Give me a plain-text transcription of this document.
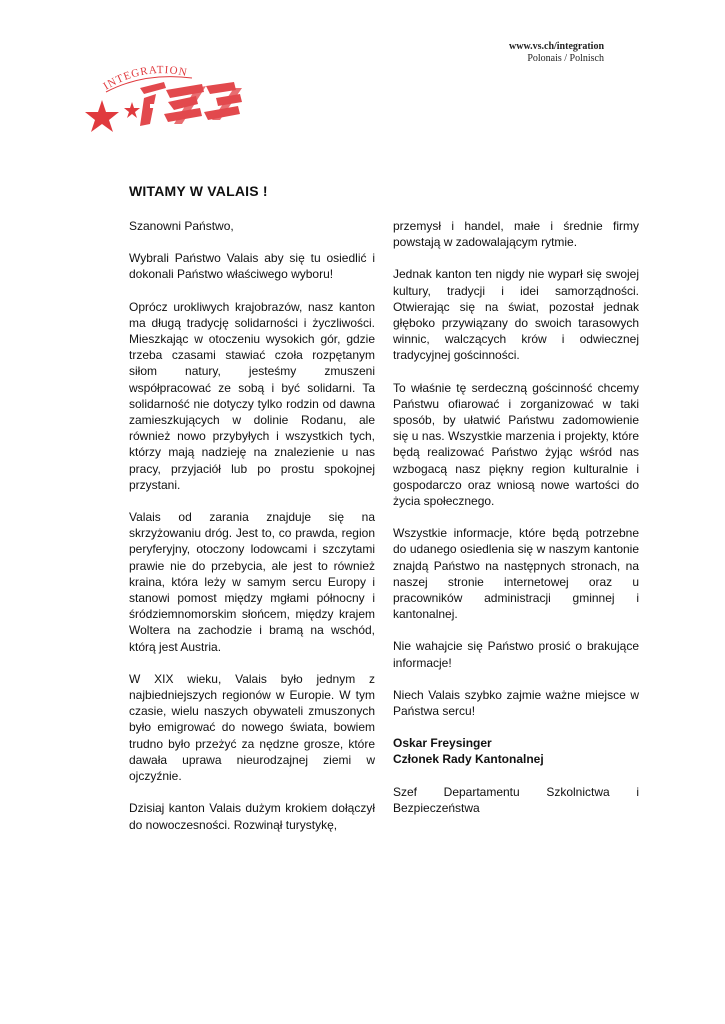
www.vs.ch/integration
Polonais / Polnisch
INTEGRATION
WITAMY W VALAIS !

Szanowni Państwo,

Wybrali Państwo Valais aby się tu osiedlić i dokonali Państwo właściwego wyboru!

Oprócz urokliwych krajobrazów, nasz kanton ma długą tradycję solidarności i życzliwości. Mieszkając w otoczeniu wysokich gór, gdzie trzeba czasami stawiać czoła rozpętanym siłom natury, jesteśmy zmuszeni współpracować ze sobą i być solidarni. Ta solidarność nie dotyczy tylko rodzin od dawna zamieszkujących w dolinie Rodanu, ale również nowo przybyłych i wszystkich tych, którzy mają nadzieję na znalezienie u nas pracy, przyjaciół lub po prostu spokojnej przystani.

Valais od zarania znajduje się na skrzyżowaniu dróg. Jest to, co prawda, region peryferyjny, otoczony lodowcami i szczytami prawie nie do przebycia, ale jest to również kraina, która leży w samym sercu Europy i stanowi pomost między mgłami północny i śródziemnomorskim słońcem, między krajem Woltera na zachodzie i bramą na wschód, którą jest Austria.

W XIX wieku, Valais było jednym z najbiedniejszych regionów w Europie. W tym czasie, wielu naszych obywateli zmuszonych było emigrować do nowego świata, bowiem trudno było przeżyć za nędzne grosze, które dawała uprawa nieurodzajnej ziemi w ojczyźnie.

Dzisiaj kanton Valais dużym krokiem dołączył do nowoczesności. Rozwinął turystykę,

przemysł i handel, małe i średnie firmy powstają w zadowalającym rytmie.

Jednak kanton ten nigdy nie wyparł się swojej kultury, tradycji i idei samorządności. Otwierając się na świat, pozostał jednak głęboko przywiązany do swoich tarasowych winnic, walczących krów i odwiecznej tradycyjnej gościnności.

To właśnie tę serdeczną gościnność chcemy Państwu ofiarować i zorganizować w taki sposób, by ułatwić Państwu zadomowienie się u nas. Wszystkie marzenia i projekty, które będą realizować Państwo żyjąc wśród nas wzbogacą nasz piękny region kulturalnie i gospodarczo oraz wniosą nowe wartości do życia społecznego.

Wszystkie informacje, które będą potrzebne do udanego osiedlenia się w naszym kantonie znajdą Państwo na następnych stronach, na naszej stronie internetowej oraz u pracowników administracji gminnej i kantonalnej.

Nie wahajcie się Państwo prosić o brakujące informacje!

Niech Valais szybko zajmie ważne miejsce w Państwa sercu!

Oskar Freysinger
Członek Rady Kantonalnej

Szef Departamentu Szkolnictwa i Bezpieczeństwa
